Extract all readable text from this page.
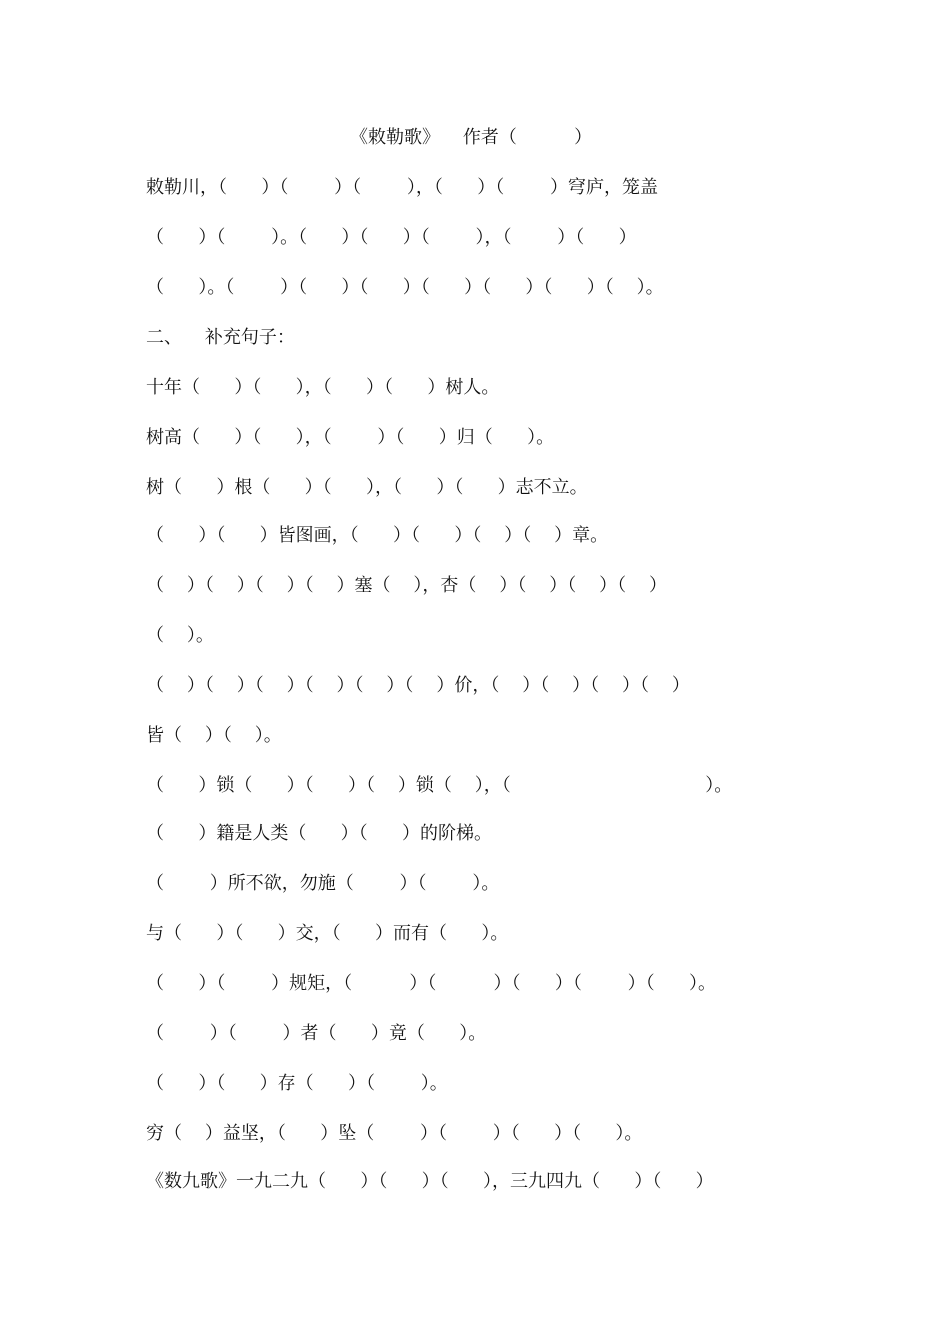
《敕勒歌》    作者（          ）
敕勒川，（      ）（        ）（        ），（      ）（        ）穹庐，笼盖
（      ）（        ）。（      ）（      ）（        ），（        ）（      ）
（      ）。（        ）（      ）（      ）（      ）（      ）（      ）（    ）。
二、    补充句子：
十年（      ）（      ），（      ）（      ）树人。
树高（      ）（      ），（        ）（      ）归（      ）。
树（      ）根（      ）（      ），（      ）（      ）志不立。
（      ）（      ）皆图画，（      ）（      ）（    ）（    ）章。
（    ）（    ）（    ）（    ）塞（    ），杏（    ）（    ）（    ）（    ）
（    ）。
（    ）（    ）（    ）（    ）（    ）（    ）价，（    ）（    ）（    ）（    ）
皆（    ）（    ）。
（      ）锁（      ）（      ）（    ）锁（    ），（                                  ）。
（      ）籍是人类（      ）（      ）的阶梯。
（        ）所不欲，勿施（        ）（        ）。
与（      ）（      ）交，（      ）而有（      ）。
（      ）（        ）规矩，（          ）（          ）（      ）（        ）（      ）。
（        ）（        ）者（      ）竟（      ）。
（      ）（      ）存（      ）（        ）。
穷（    ）益坚，（      ）坠（        ）（        ）（      ）（      ）。
《数九歌》一九二九（      ）（      ）（      ），三九四九（      ）（      ）
